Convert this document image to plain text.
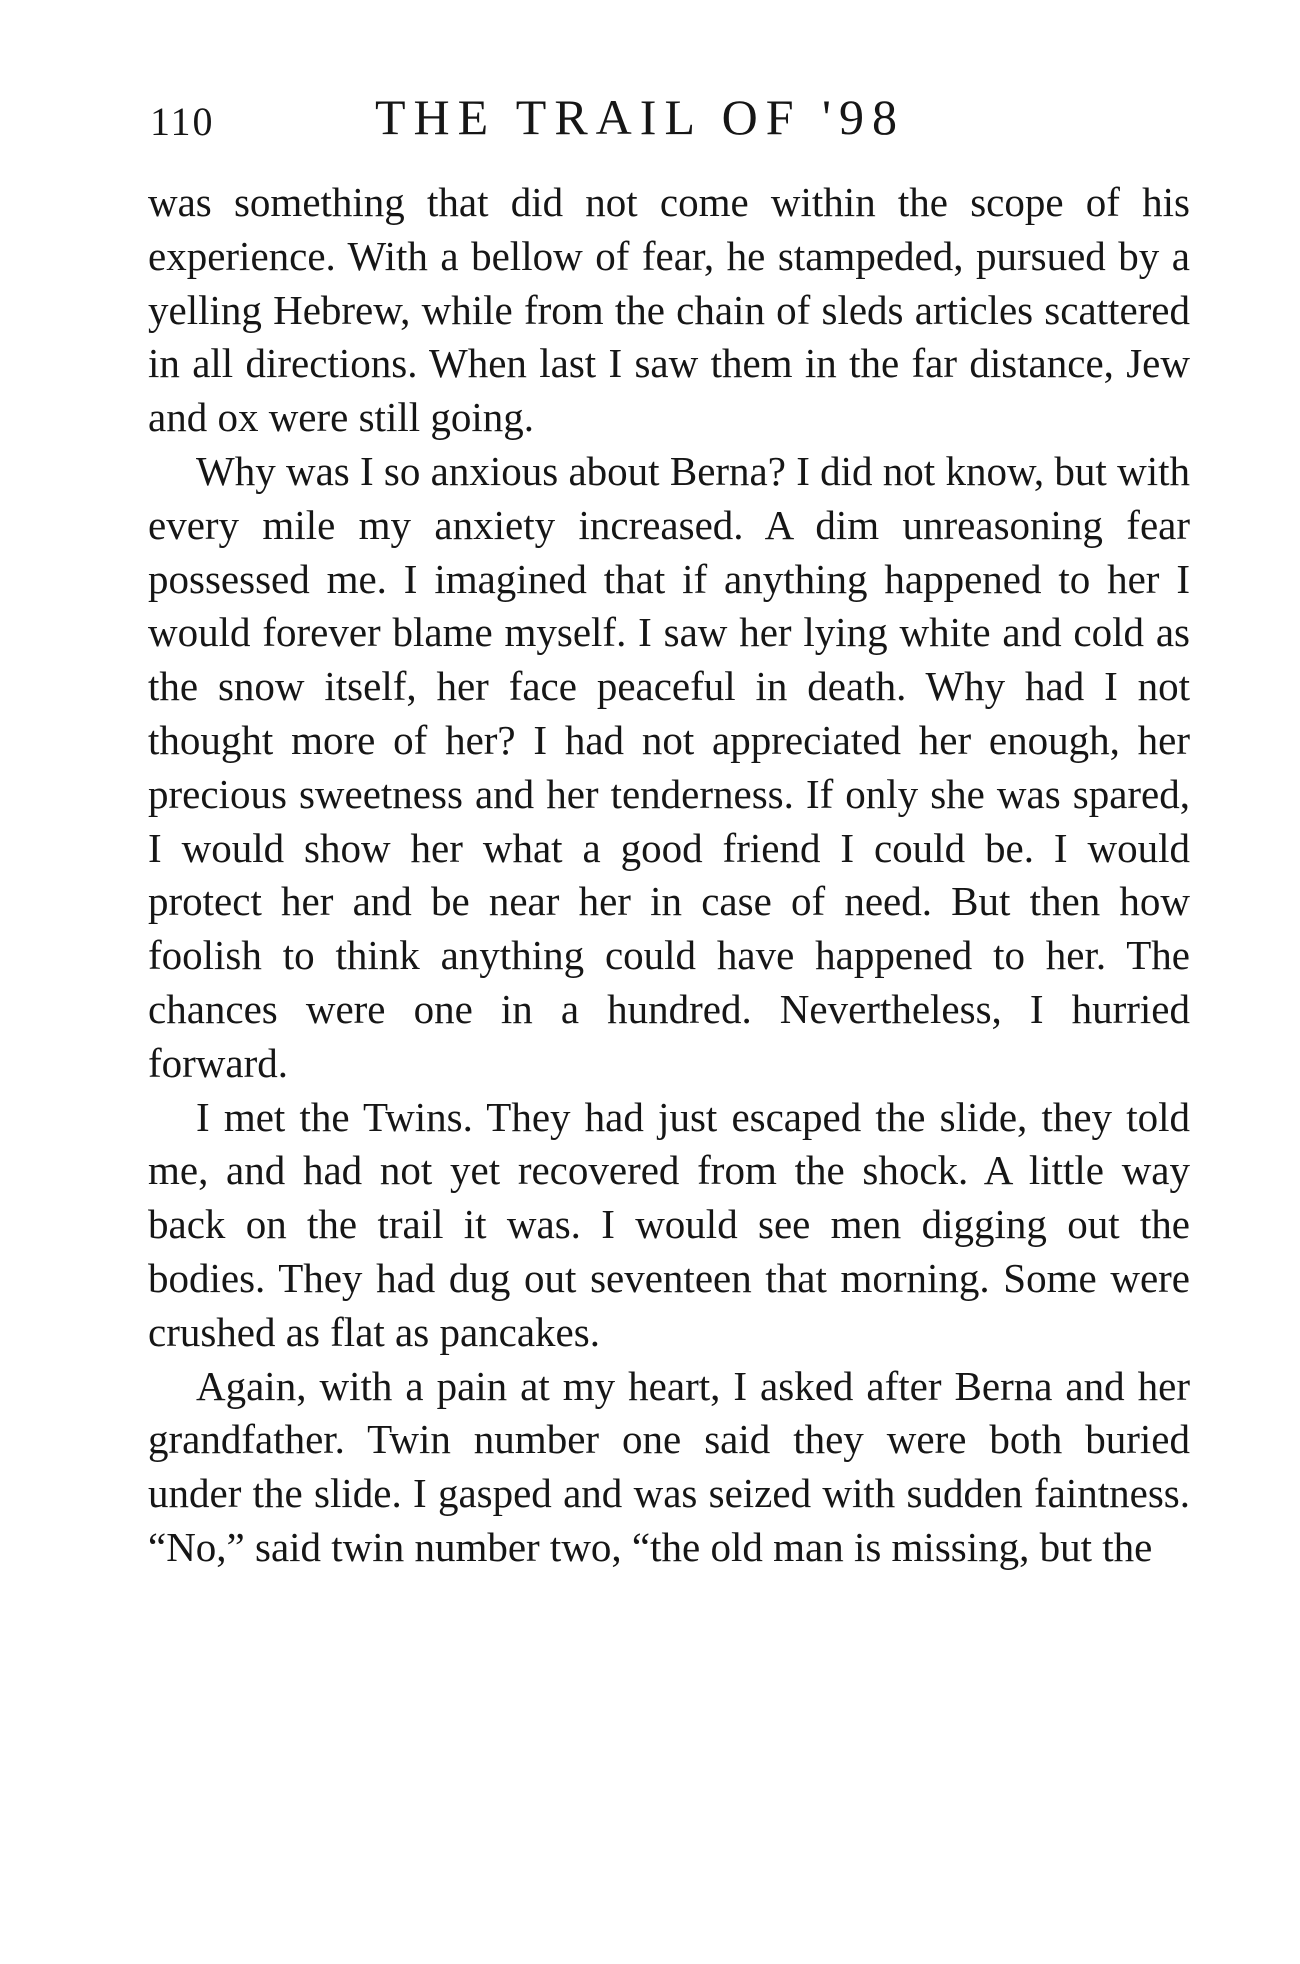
110	THE TRAIL OF '98

was something that did not come within the scope of his experience. With a bellow of fear, he stampeded, pursued by a yelling Hebrew, while from the chain of sleds articles scattered in all directions. When last I saw them in the far distance, Jew and ox were still going.

Why was I so anxious about Berna? I did not know, but with every mile my anxiety increased. A dim unreasoning fear possessed me. I imagined that if anything happened to her I would forever blame myself. I saw her lying white and cold as the snow itself, her face peaceful in death. Why had I not thought more of her? I had not appreciated her enough, her precious sweetness and her tenderness. If only she was spared, I would show her what a good friend I could be. I would protect her and be near her in case of need. But then how foolish to think anything could have happened to her. The chances were one in a hundred. Nevertheless, I hurried forward.

I met the Twins. They had just escaped the slide, they told me, and had not yet recovered from the shock. A little way back on the trail it was. I would see men digging out the bodies. They had dug out seventeen that morning. Some were crushed as flat as pancakes.

Again, with a pain at my heart, I asked after Berna and her grandfather. Twin number one said they were both buried under the slide. I gasped and was seized with sudden faintness. “No,” said twin number two, “the old man is missing, but the
